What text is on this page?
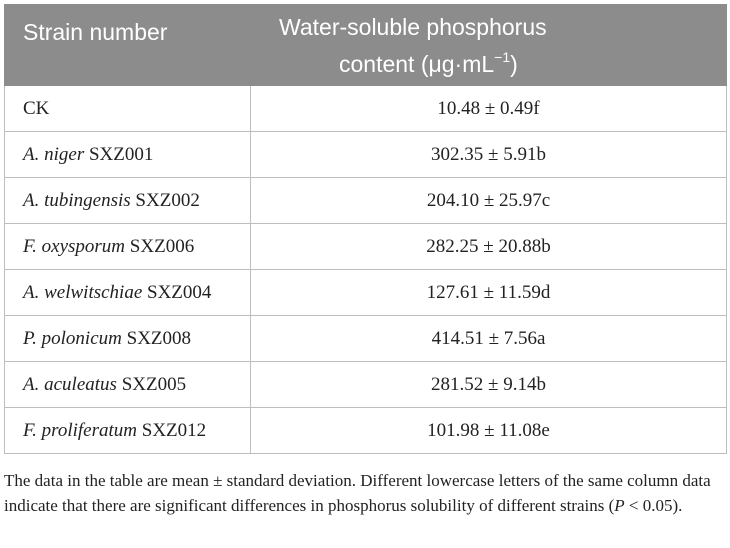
Strain number	Water-soluble phosphorus
content $(\mu g\cdot mL^{-1})$

CK	10.48 ± 0.49f
A. niger SXZ001	302.35 ± 5.91b
A. tubingensis SXZ002	204.10 ± 25.97c
F. oxysporum SXZ006	282.25 ± 20.88b
A. welwitschiae SXZ004	127.61 ± 11.59d
P. polonicum SXZ008	414.51 ± 7.56a
A. aculeatus SXZ005	281.52 ± 9.14b
F. proliferatum SXZ012	101.98 ± 11.08e

The data in the table are mean ± standard deviation. Different lowercase letters of the same column data indicate that there are significant differences in phosphorus solubility of different strains (P < 0.05).
